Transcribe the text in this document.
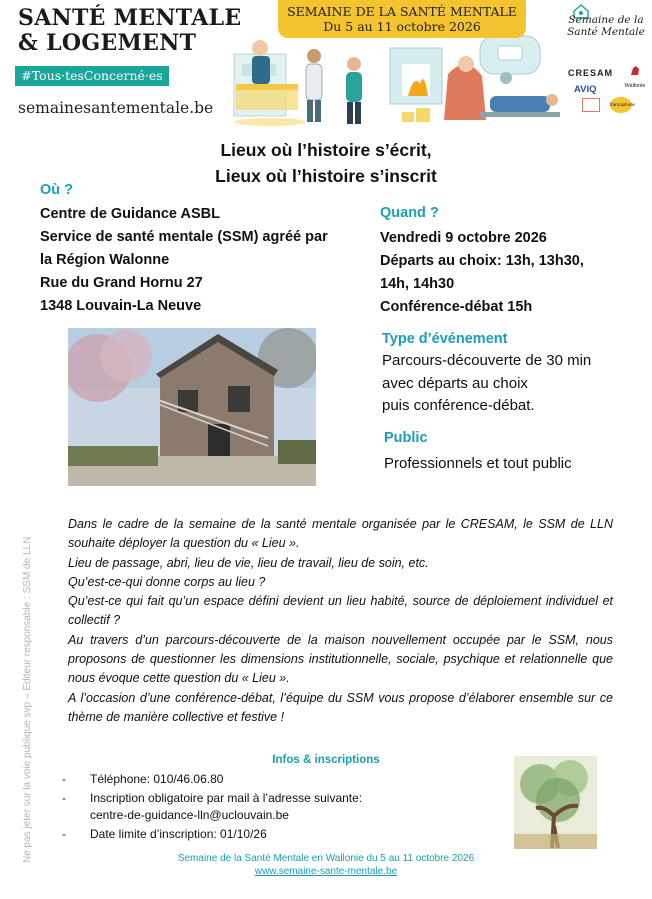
SANTÉ MENTALE
& LOGEMENT
#Tous·tesConcerné·es
semainesantementale.be
SEMAINE DE LA SANTÉ MENTALE
Du 5 au 11 octobre 2026	Semaine de la Santé Mentale
CRESAM
Wallonie
AVIQ
francophone
Lieux où l’histoire s’écrit,
Lieux où l’histoire s’inscrit
Où ?
Centre de Guidance ASBL
Service de santé mentale (SSM) agréé par
la Région Walonne
Rue du Grand Hornu 27
1348 Louvain-La Neuve
Quand ?
Vendredi 9 octobre 2026
Départs au choix: 13h, 13h30,
14h, 14h30
Conférence-débat 15h
Type d’événement
Parcours-découverte de 30 min
avec départs au choix
puis conférence-débat.
Public
Professionnels et tout public

Dans le cadre de la semaine de la santé mentale organisée par le CRESAM, le SSM de LLN souhaite déployer la question du « Lieu ».

Lieu de passage, abri, lieu de vie, lieu de travail, lieu de soin, etc.

Qu’est-ce-qui donne corps au lieu ?

Qu’est-ce qui fait qu’un espace défini devient un lieu habité, source de déploiement individuel et collectif ?

Au travers d’un parcours-découverte de la maison nouvellement occupée par le SSM, nous proposons de questionner les dimensions institutionnelle, sociale, psychique et relationnelle que nous évoque cette question du « Lieu ».

A l’occasion d’une conférence-débat, l’équipe du SSM vous propose d’élaborer ensemble sur ce thème de manière collective et festive !

Ne pas jeter sur la voie publique svp – Editeur responsable : SSM de LLN	Infos & inscriptions
-	Téléphone: 010/46.06.80
-	Inscription obligatoire par mail à l’adresse suivante:
centre-de-guidance-lln@uclouvain.be
-	Date limite d’inscription: 01/10/26
Semaine de la Santé Mentale en Wallonie du 5 au 11 octobre 2026
www.semaine-sante-mentale.be
